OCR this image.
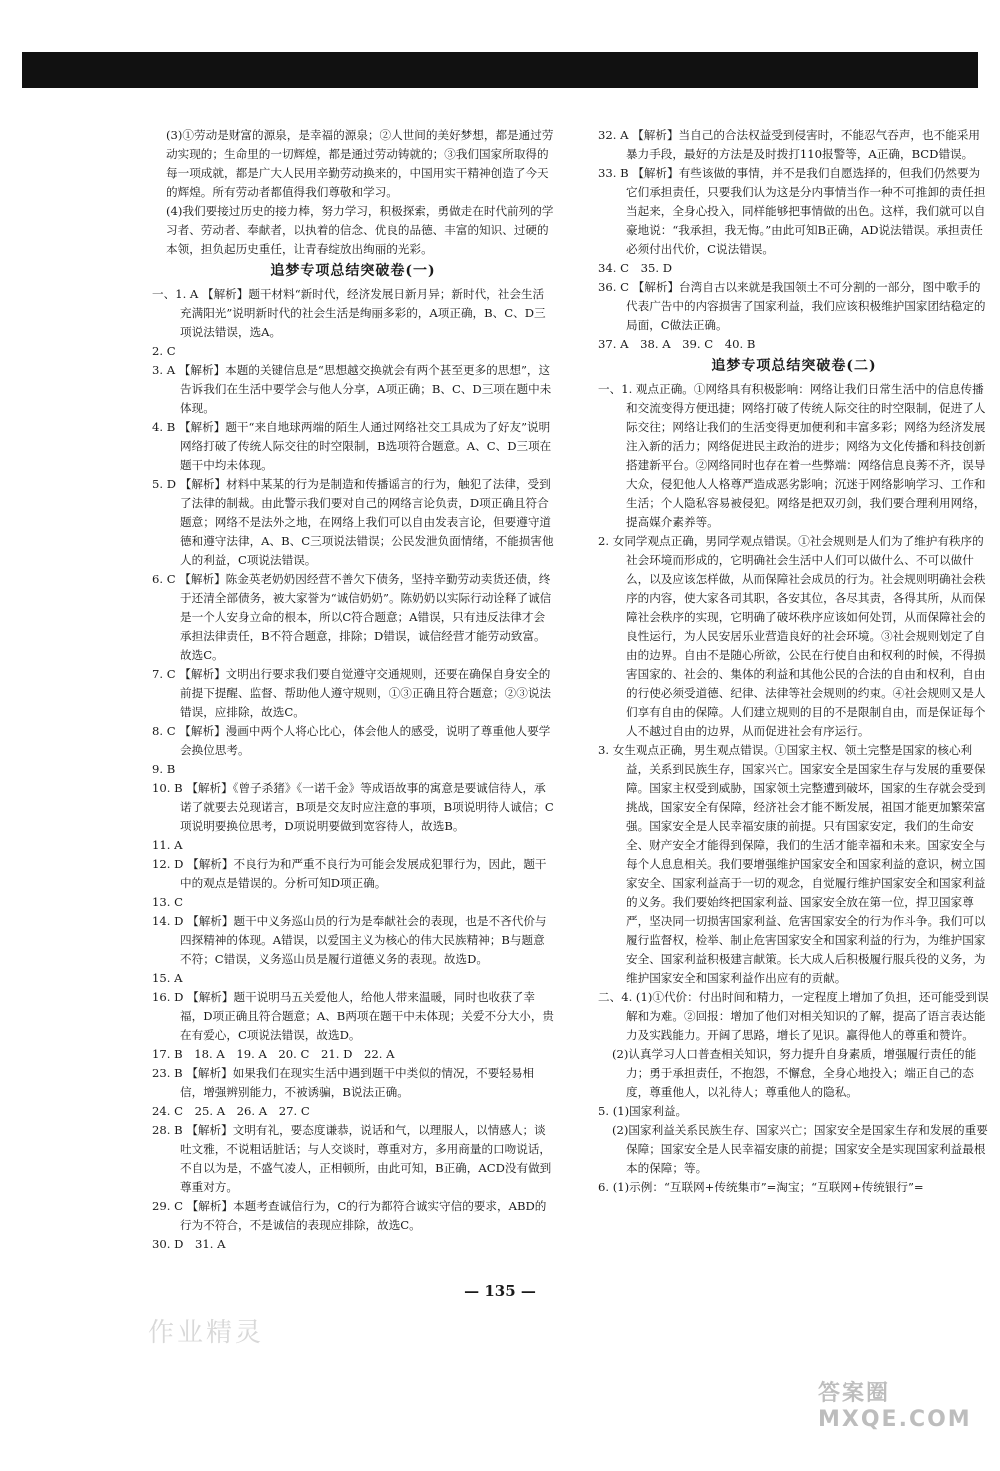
(3)①劳动是财富的源泉，是幸福的源泉；②人世间的美好梦想，都是通过劳动实现的；生命里的一切辉煌，都是通过劳动铸就的；③我们国家所取得的每一项成就，都是广大人民用辛勤劳动换来的，中国用实干精神创造了今天的辉煌。所有劳动者都值得我们尊敬和学习。

(4)我们要接过历史的接力棒，努力学习，积极探索，勇做走在时代前列的学习者、劳动者、奉献者，以执着的信念、优良的品德、丰富的知识、过硬的本领，担负起历史重任，让青春绽放出绚丽的光彩。

追梦专项总结突破卷(一)

一、1. A 【解析】题干材料“新时代，经济发展日新月异；新时代，社会生活充满阳光”说明新时代的社会生活是绚丽多彩的，A项正确，B、C、D三项说法错误，选A。

2. C

3. A 【解析】本题的关键信息是“思想越交换就会有两个甚至更多的思想”，这告诉我们在生活中要学会与他人分享，A项正确；B、C、D三项在题中未体现。

4. B 【解析】题干“来自地球两端的陌生人通过网络社交工具成为了好友”说明网络打破了传统人际交往的时空限制，B选项符合题意。A、C、D三项在题干中均未体现。

5. D 【解析】材料中某某的行为是制造和传播谣言的行为，触犯了法律，受到了法律的制裁。由此警示我们要对自己的网络言论负责，D项正确且符合题意；网络不是法外之地，在网络上我们可以自由发表言论，但要遵守道德和遵守法律，A、B、C三项说法错误；公民发泄负面情绪，不能损害他人的利益，C项说法错误。

6. C 【解析】陈金英老奶奶因经营不善欠下债务，坚持辛勤劳动卖货还债，终于还清全部债务，被大家誉为“诚信奶奶”。陈奶奶以实际行动诠释了诚信是一个人安身立命的根本，所以C符合题意；A错误，只有违反法律才会承担法律责任，B不符合题意，排除；D错误，诚信经营才能劳动致富。故选C。

7. C 【解析】文明出行要求我们要自觉遵守交通规则，还要在确保自身安全的前提下提醒、监督、帮助他人遵守规则，①③正确且符合题意；②③说法错误，应排除，故选C。

8. C 【解析】漫画中两个人将心比心，体会他人的感受，说明了尊重他人要学会换位思考。

9. B

10. B 【解析】《曾子杀猪》《一诺千金》等成语故事的寓意是要诚信待人，承诺了就要去兑现诺言，B项是交友时应注意的事项，B项说明待人诚信；C项说明要换位思考，D项说明要做到宽容待人，故选B。

11. A

12. D 【解析】不良行为和严重不良行为可能会发展成犯罪行为，因此，题干中的观点是错误的。分析可知D项正确。

13. C

14. D 【解析】题干中义务巡山员的行为是奉献社会的表现，也是不吝代价与四探精神的体现。A错误，以爱国主义为核心的伟大民族精神；B与题意不符；C错误，义务巡山员是履行道德义务的表现。故选D。

15. A

16. D 【解析】题干说明马五关爱他人，给他人带来温暖，同时也收获了幸福，D项正确且符合题意；A、B两项在题干中未体现；关爱不分大小，贵在有爱心，C项说法错误，故选D。

17. B　18. A　19. A　20. C　21. D　22. A

23. B 【解析】如果我们在现实生活中遇到题干中类似的情况，不要轻易相信，增强辨别能力，不被诱骗，B说法正确。

24. C　25. A　26. A　27. C

28. B 【解析】文明有礼，要态度谦恭，说话和气，以理服人，以情感人；谈吐文雅，不说粗话脏话；与人交谈时，尊重对方，多用商量的口吻说话，不自以为是，不盛气凌人，正相顿所，由此可知，B正确，ACD没有做到尊重对方。

29. C 【解析】本题考查诚信行为，C的行为都符合诚实守信的要求，ABD的行为不符合，不是诚信的表现应排除，故选C。

30. D　31. A

32. A 【解析】当自己的合法权益受到侵害时，不能忍气吞声，也不能采用暴力手段，最好的方法是及时拨打110报警等，A正确，BCD错误。

33. B 【解析】有些该做的事情，并不是我们自愿选择的，但我们仍然要为它们承担责任，只要我们认为这是分内事情当作一种不可推卸的责任担当起来，全身心投入，同样能够把事情做的出色。这样，我们就可以自豪地说：“我承担，我无悔。”由此可知B正确，AD说法错误。承担责任必须付出代价，C说法错误。

34. C　35. D

36. C 【解析】台湾自古以来就是我国领土不可分割的一部分，图中歌手的代表广告中的内容损害了国家利益，我们应该积极维护国家团结稳定的局面，C做法正确。

37. A　38. A　39. C　40. B

追梦专项总结突破卷(二)

一、1. 观点正确。①网络具有积极影响：网络让我们日常生活中的信息传播和交流变得方便迅捷；网络打破了传统人际交往的时空限制，促进了人际交往；网络让我们的生活变得更加便利和丰富多彩；网络为经济发展注入新的活力；网络促进民主政治的进步；网络为文化传播和科技创新搭建新平台。②网络同时也存在着一些弊端：网络信息良莠不齐，误导大众，侵犯他人人格尊严造成恶劣影响；沉迷于网络影响学习、工作和生活；个人隐私容易被侵犯。网络是把双刃剑，我们要合理利用网络，提高媒介素养等。

2. 女同学观点正确，男同学观点错误。①社会规则是人们为了维护有秩序的社会环境而形成的，它明确社会生活中人们可以做什么、不可以做什么，以及应该怎样做，从而保障社会成员的行为。社会规则明确社会秩序的内容，使大家各司其职，各安其位，各尽其责，各得其所，从而保障社会秩序的实现，它明确了破坏秩序应该如何处罚，从而保障社会的良性运行，为人民安居乐业营造良好的社会环境。③社会规则划定了自由的边界。自由不是随心所欲，公民在行使自由和权利的时候，不得损害国家的、社会的、集体的利益和其他公民的合法的自由和权利，自由的行使必须受道德、纪律、法律等社会规则的约束。④社会规则又是人们享有自由的保障。人们建立规则的目的不是限制自由，而是保证每个人不越过自由的边界，从而促进社会有序运行。

3. 女生观点正确，男生观点错误。①国家主权、领土完整是国家的核心利益，关系到民族生存，国家兴亡。国家安全是国家生存与发展的重要保障。国家主权受到威胁，国家领土完整遭到破坏，国家的生存就会受到挑战，国家安全有保障，经济社会才能不断发展，祖国才能更加繁荣富强。国家安全是人民幸福安康的前提。只有国家安定，我们的生命安全、财产安全才能得到保障，我们的生活才能幸福和未来。国家安全与每个人息息相关。我们要增强维护国家安全和国家利益的意识，树立国家安全、国家利益高于一切的观念，自觉履行维护国家安全和国家利益的义务。我们要始终把国家利益、国家安全放在第一位，捍卫国家尊严，坚决同一切损害国家利益、危害国家安全的行为作斗争。我们可以履行监督权，检举、制止危害国家安全和国家利益的行为，为维护国家安全、国家利益积极建言献策。长大成人后积极履行服兵役的义务，为维护国家安全和国家利益作出应有的贡献。

二、4. (1)①代价：付出时间和精力，一定程度上增加了负担，还可能受到误解和为难。②回报：增加了他们对相关知识的了解，提高了语言表达能力及实践能力。开阔了思路，增长了见识。赢得他人的尊重和赞许。

(2)认真学习人口普查相关知识，努力提升自身素质，增强履行责任的能力；勇于承担责任，不抱怨，不懈怠，全身心地投入；端正自己的态度，尊重他人，以礼待人；尊重他人的隐私。

5. (1)国家利益。

(2)国家利益关系民族生存、国家兴亡；国家安全是国家生存和发展的重要保障；国家安全是人民幸福安康的前提；国家安全是实现国家利益最根本的保障；等。

6. (1)示例：“互联网+传统集市”=淘宝；“互联网+传统银行”=

— 135 —
作业精灵
答案圈 MXQE.COM
